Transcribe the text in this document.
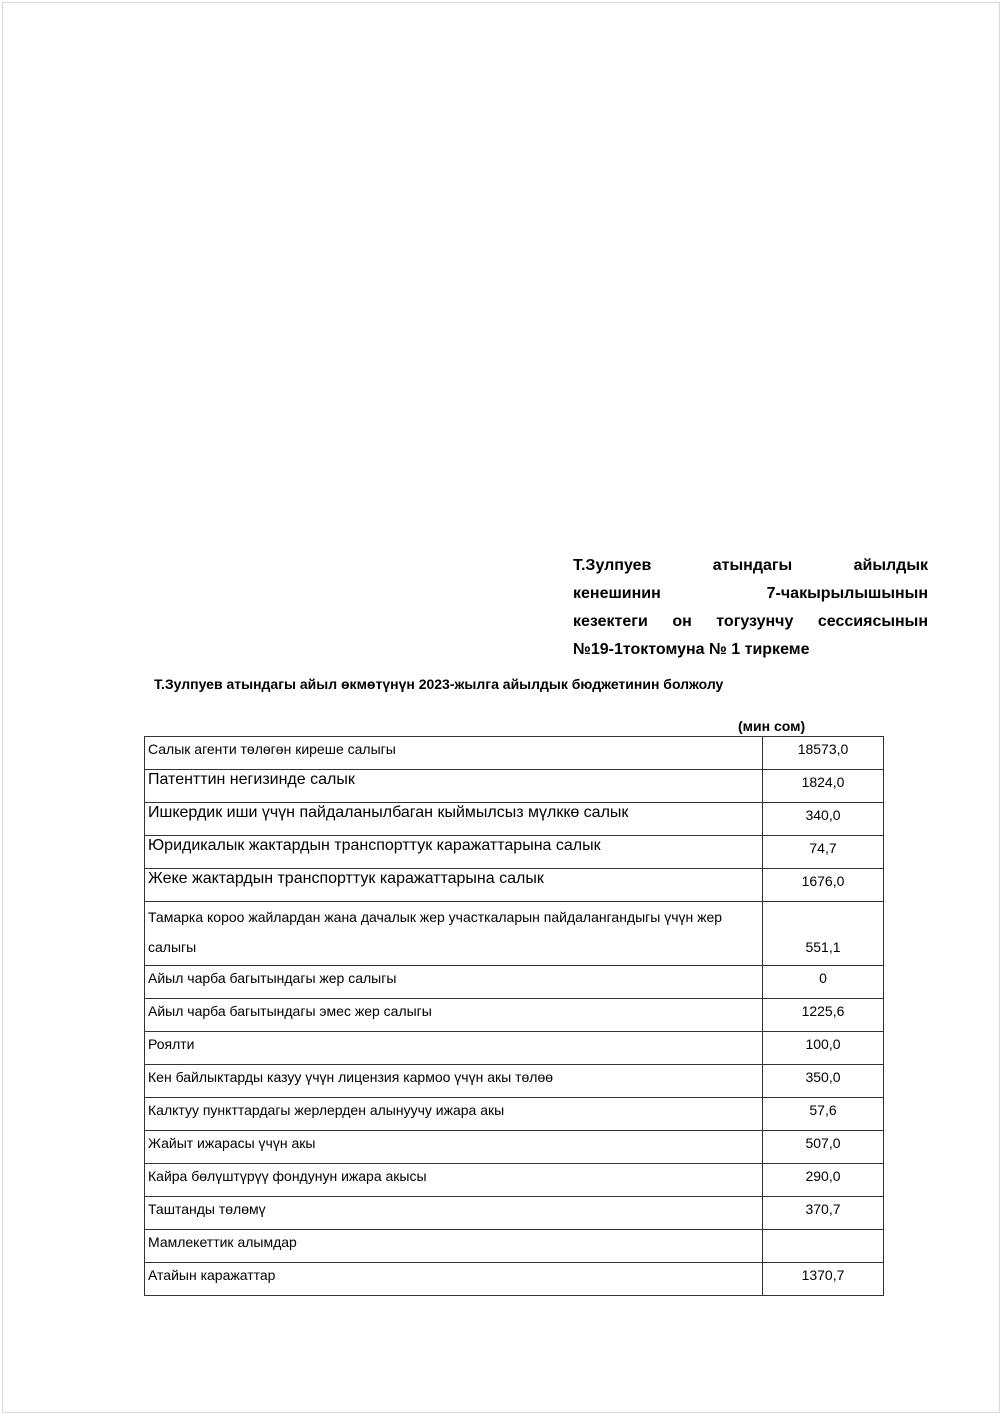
Т.Зулпуев атындагы айылдык
кенешинин 7-чакырылышынын
кезектеги он тогузунчу сессиясынын
№19-1токтомуна № 1 тиркеме
Т.Зулпуев атындагы айыл өкмөтүнүн 2023-жылга айылдык бюджетинин болжолу
(мин сом)
Салык агенти төлөгөн киреше салыгы	18573,0

Патенттин негизинде салык	1824,0

Ишкердик иши үчүн пайдаланылбаган кыймылсыз мүлккө салык	340,0

Юридикалык жактардын транспорттук каражаттарына салык	74,7

Жеке жактардын транспорттук каражаттарына салык	1676,0

Тамарка короо жайлардан жана дачалык жер участкаларын пайдалангандыгы үчүн жер салыгы	551,1

Айыл чарба багытындагы жер салыгы	0

Айыл чарба багытындагы эмес жер салыгы	1225,6

Роялти	100,0

Кен байлыктарды казуу үчүн лицензия кармоо үчүн акы төлөө	350,0

Калктуу пункттардагы жерлерден алынуучу ижара акы	57,6

Жайыт ижарасы үчүн акы	507,0

Кайра бөлүштүрүү фондунун ижара акысы	290,0

Таштанды төлөмү	370,7

Мамлекеттик алымдар	

Атайын каражаттар	1370,7
